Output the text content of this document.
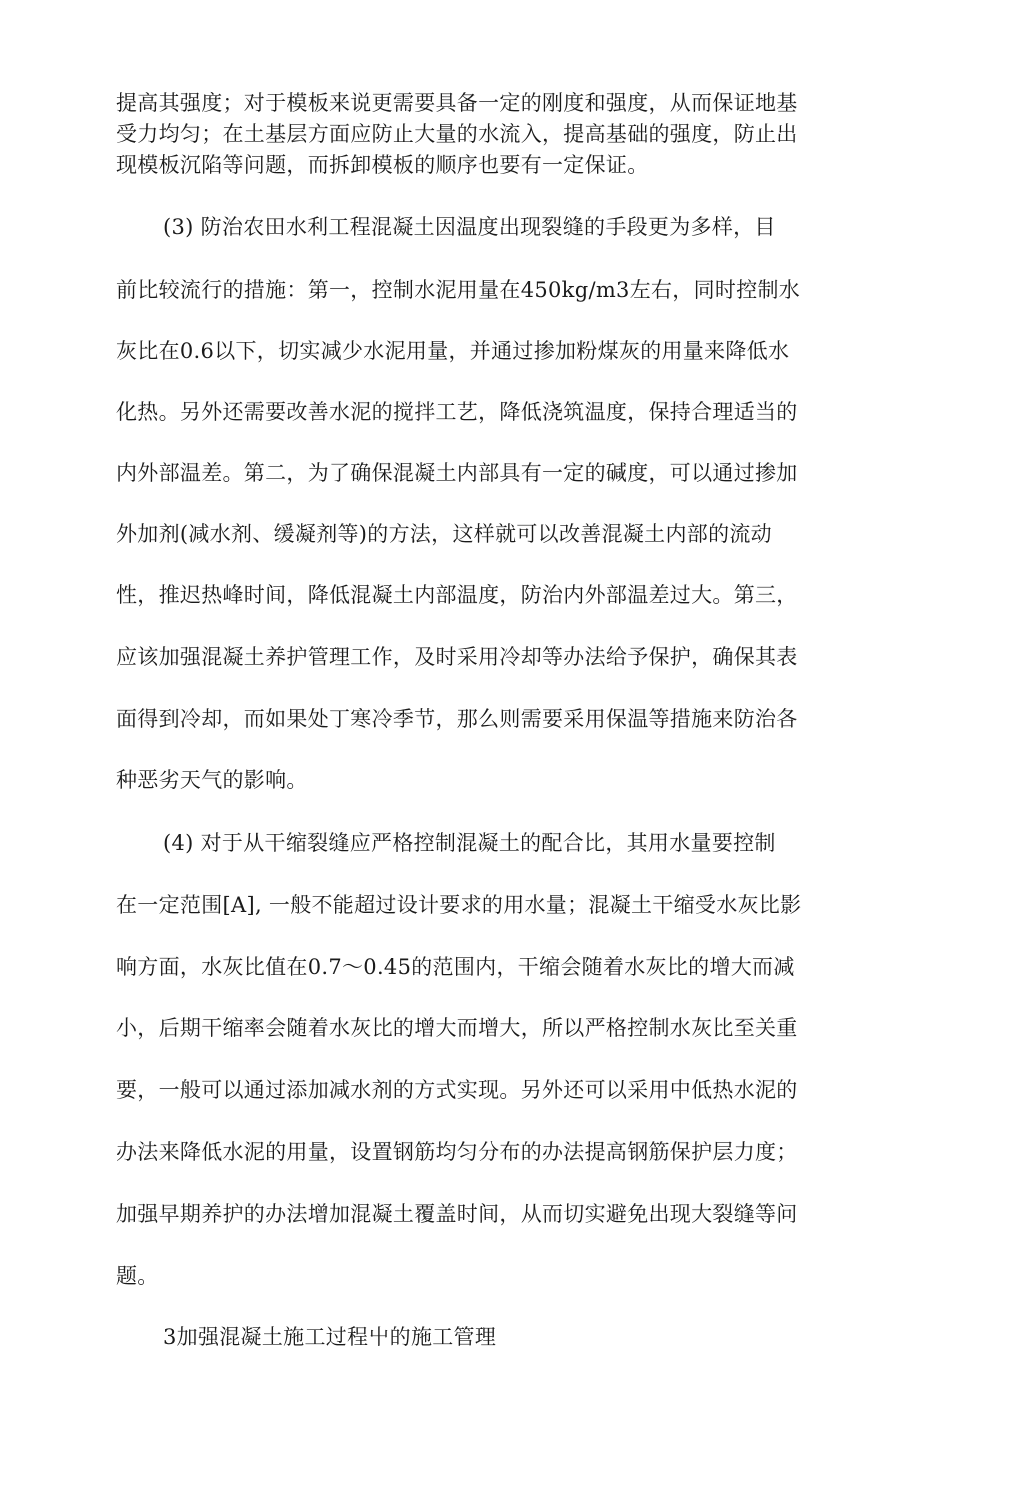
提高其强度；对于模板来说更需要具备一定的刚度和强度，从而保证地基
受力均匀；在土基层方面应防止大量的水流入，提高基础的强度，防止出
现模板沉陷等问题，而拆卸模板的顺序也要有一定保证。
(3) 防治农田水利工程混凝土因温度出现裂缝的手段更为多样，目
前比较流行的措施：第一，控制水泥用量在450kg/m3左右，同时控制水
灰比在0.6以下，切实减少水泥用量，并通过掺加粉煤灰的用量来降低水
化热。另外还需要改善水泥的搅拌工艺，降低浇筑温度，保持合理适当的
内外部温差。第二，为了确保混凝土内部具有一定的碱度，可以通过掺加
外加剂(减水剂、缓凝剂等)的方法，这样就可以改善混凝土内部的流动
性，推迟热峰时间，降低混凝土内部温度，防治内外部温差过大。第三，
应该加强混凝土养护管理工作，及时采用冷却等办法给予保护，确保其表
面得到冷却，而如果处丁寒冷季节，那么则需要采用保温等措施来防治各
种恶劣天气的影响。
(4) 对于从干缩裂缝应严格控制混凝土的配合比，其用水量要控制
在一定范围[A], 一般不能超过设计要求的用水量；混凝土干缩受水灰比影
响方面，水灰比值在0.7～0.45的范围内，干缩会随着水灰比的增大而减
小，后期干缩率会随着水灰比的增大而增大，所以严格控制水灰比至关重
要，一般可以通过添加减水剂的方式实现。另外还可以采用中低热水泥的
办法来降低水泥的用量，设置钢筋均匀分布的办法提高钢筋保护层力度；
加强早期养护的办法增加混凝土覆盖时间，从而切实避免出现大裂缝等问
题。
3加强混凝土施工过程屮的施工管理
